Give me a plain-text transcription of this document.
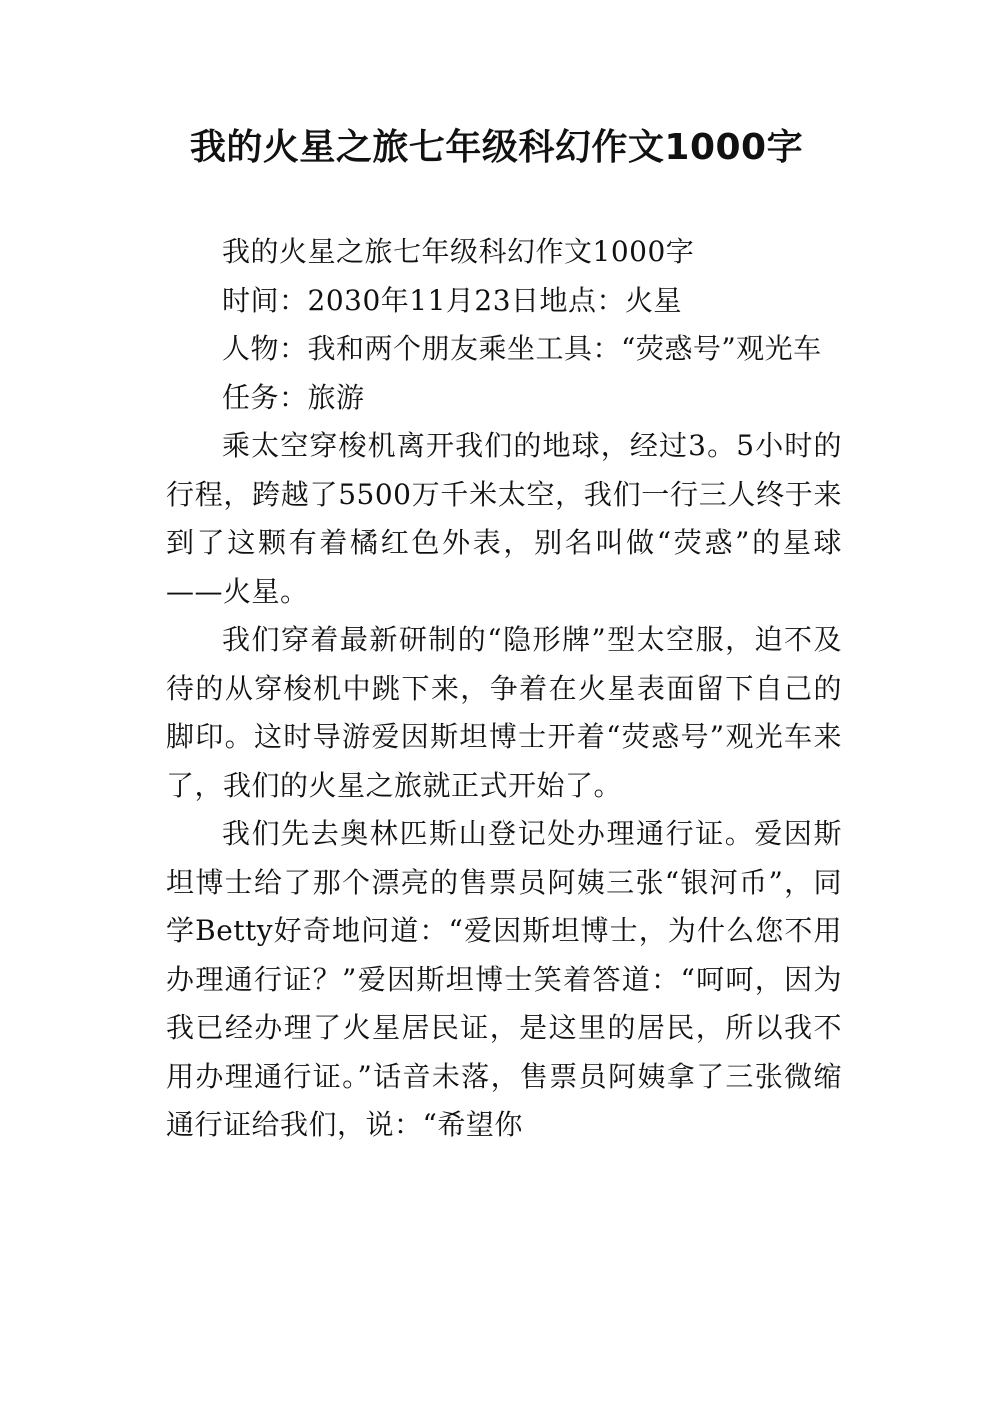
我的火星之旅七年级科幻作文1000字

我的火星之旅七年级科幻作文1000字

时间：2030年11月23日地点：火星

人物：我和两个朋友乘坐工具：“荧惑号”观光车

任务：旅游

乘太空穿梭机离开我们的地球，经过3。5小时的行程，跨越了5500万千米太空，我们一行三人终于来到了这颗有着橘红色外表，别名叫做“荧惑”的星球——火星。

我们穿着最新研制的“隐形牌”型太空服，迫不及待的从穿梭机中跳下来，争着在火星表面留下自己的脚印。这时导游爱因斯坦博士开着“荧惑号”观光车来了，我们的火星之旅就正式开始了。

我们先去奥林匹斯山登记处办理通行证。爱因斯坦博士给了那个漂亮的售票员阿姨三张“银河币”，同学Betty好奇地问道：“爱因斯坦博士，为什么您不用办理通行证？”爱因斯坦博士笑着答道：“呵呵，因为我已经办理了火星居民证，是这里的居民，所以我不用办理通行证。”话音未落，售票员阿姨拿了三张微缩通行证给我们，说：“希望你
